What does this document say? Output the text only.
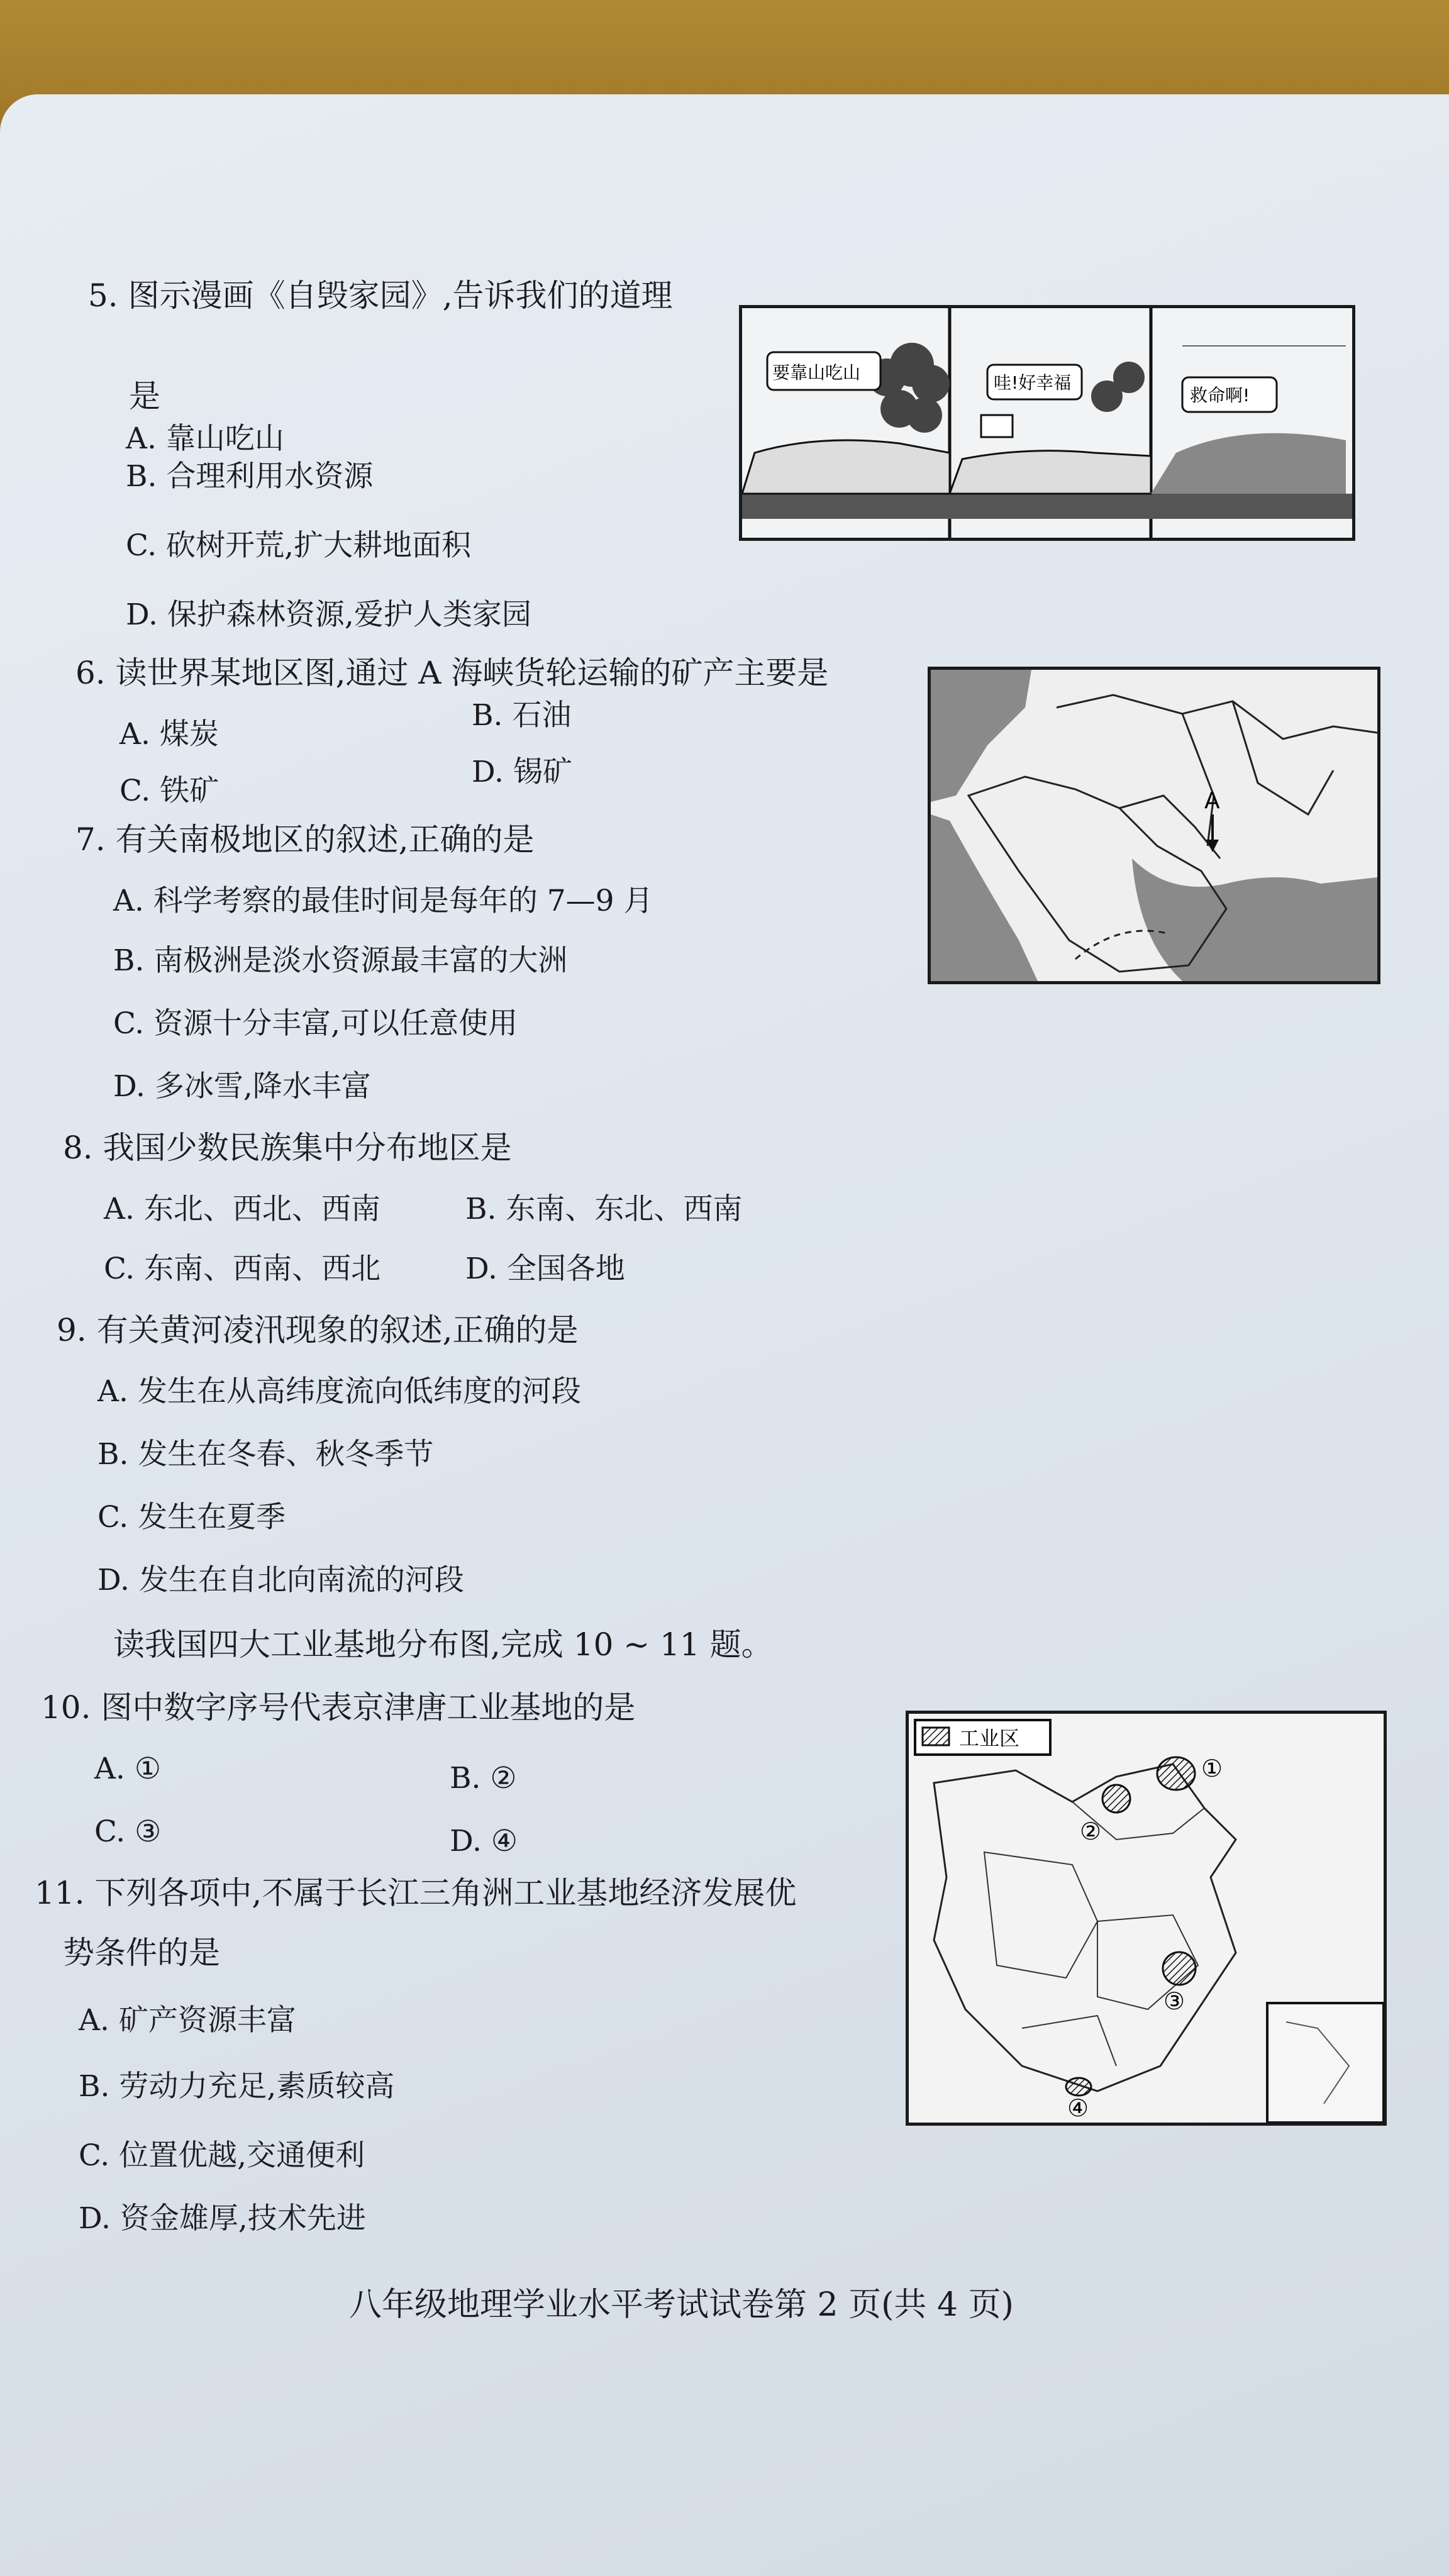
5. 图示漫画《自毁家园》,告诉我们的道理
是
A. 靠山吃山
B. 合理利用水资源
C. 砍树开荒,扩大耕地面积
D. 保护森林资源,爱护人类家园
要靠山吃山	哇!好幸福
救命啊!
6. 读世界某地区图,通过 A 海峡货轮运输的矿产主要是
A. 煤炭
B. 石油
C. 铁矿
D. 锡矿
A
7. 有关南极地区的叙述,正确的是
A. 科学考察的最佳时间是每年的 7—9 月
B. 南极洲是淡水资源最丰富的大洲
C. 资源十分丰富,可以任意使用
D. 多冰雪,降水丰富
8. 我国少数民族集中分布地区是
A. 东北、西北、西南	B. 东南、东北、西南
C. 东南、西南、西北	D. 全国各地
9. 有关黄河凌汛现象的叙述,正确的是
A. 发生在从高纬度流向低纬度的河段
B. 发生在冬春、秋冬季节
C. 发生在夏季
D. 发生在自北向南流的河段
读我国四大工业基地分布图,完成 10 ~ 11 题。
10. 图中数字序号代表京津唐工业基地的是
A. ①	B. ②
C. ③	D. ④
工业区
①
②
③
④
11. 下列各项中,不属于长江三角洲工业基地经济发展优
势条件的是
A. 矿产资源丰富
B. 劳动力充足,素质较高
C. 位置优越,交通便利
D. 资金雄厚,技术先进
八年级地理学业水平考试试卷第 2 页(共 4 页)
